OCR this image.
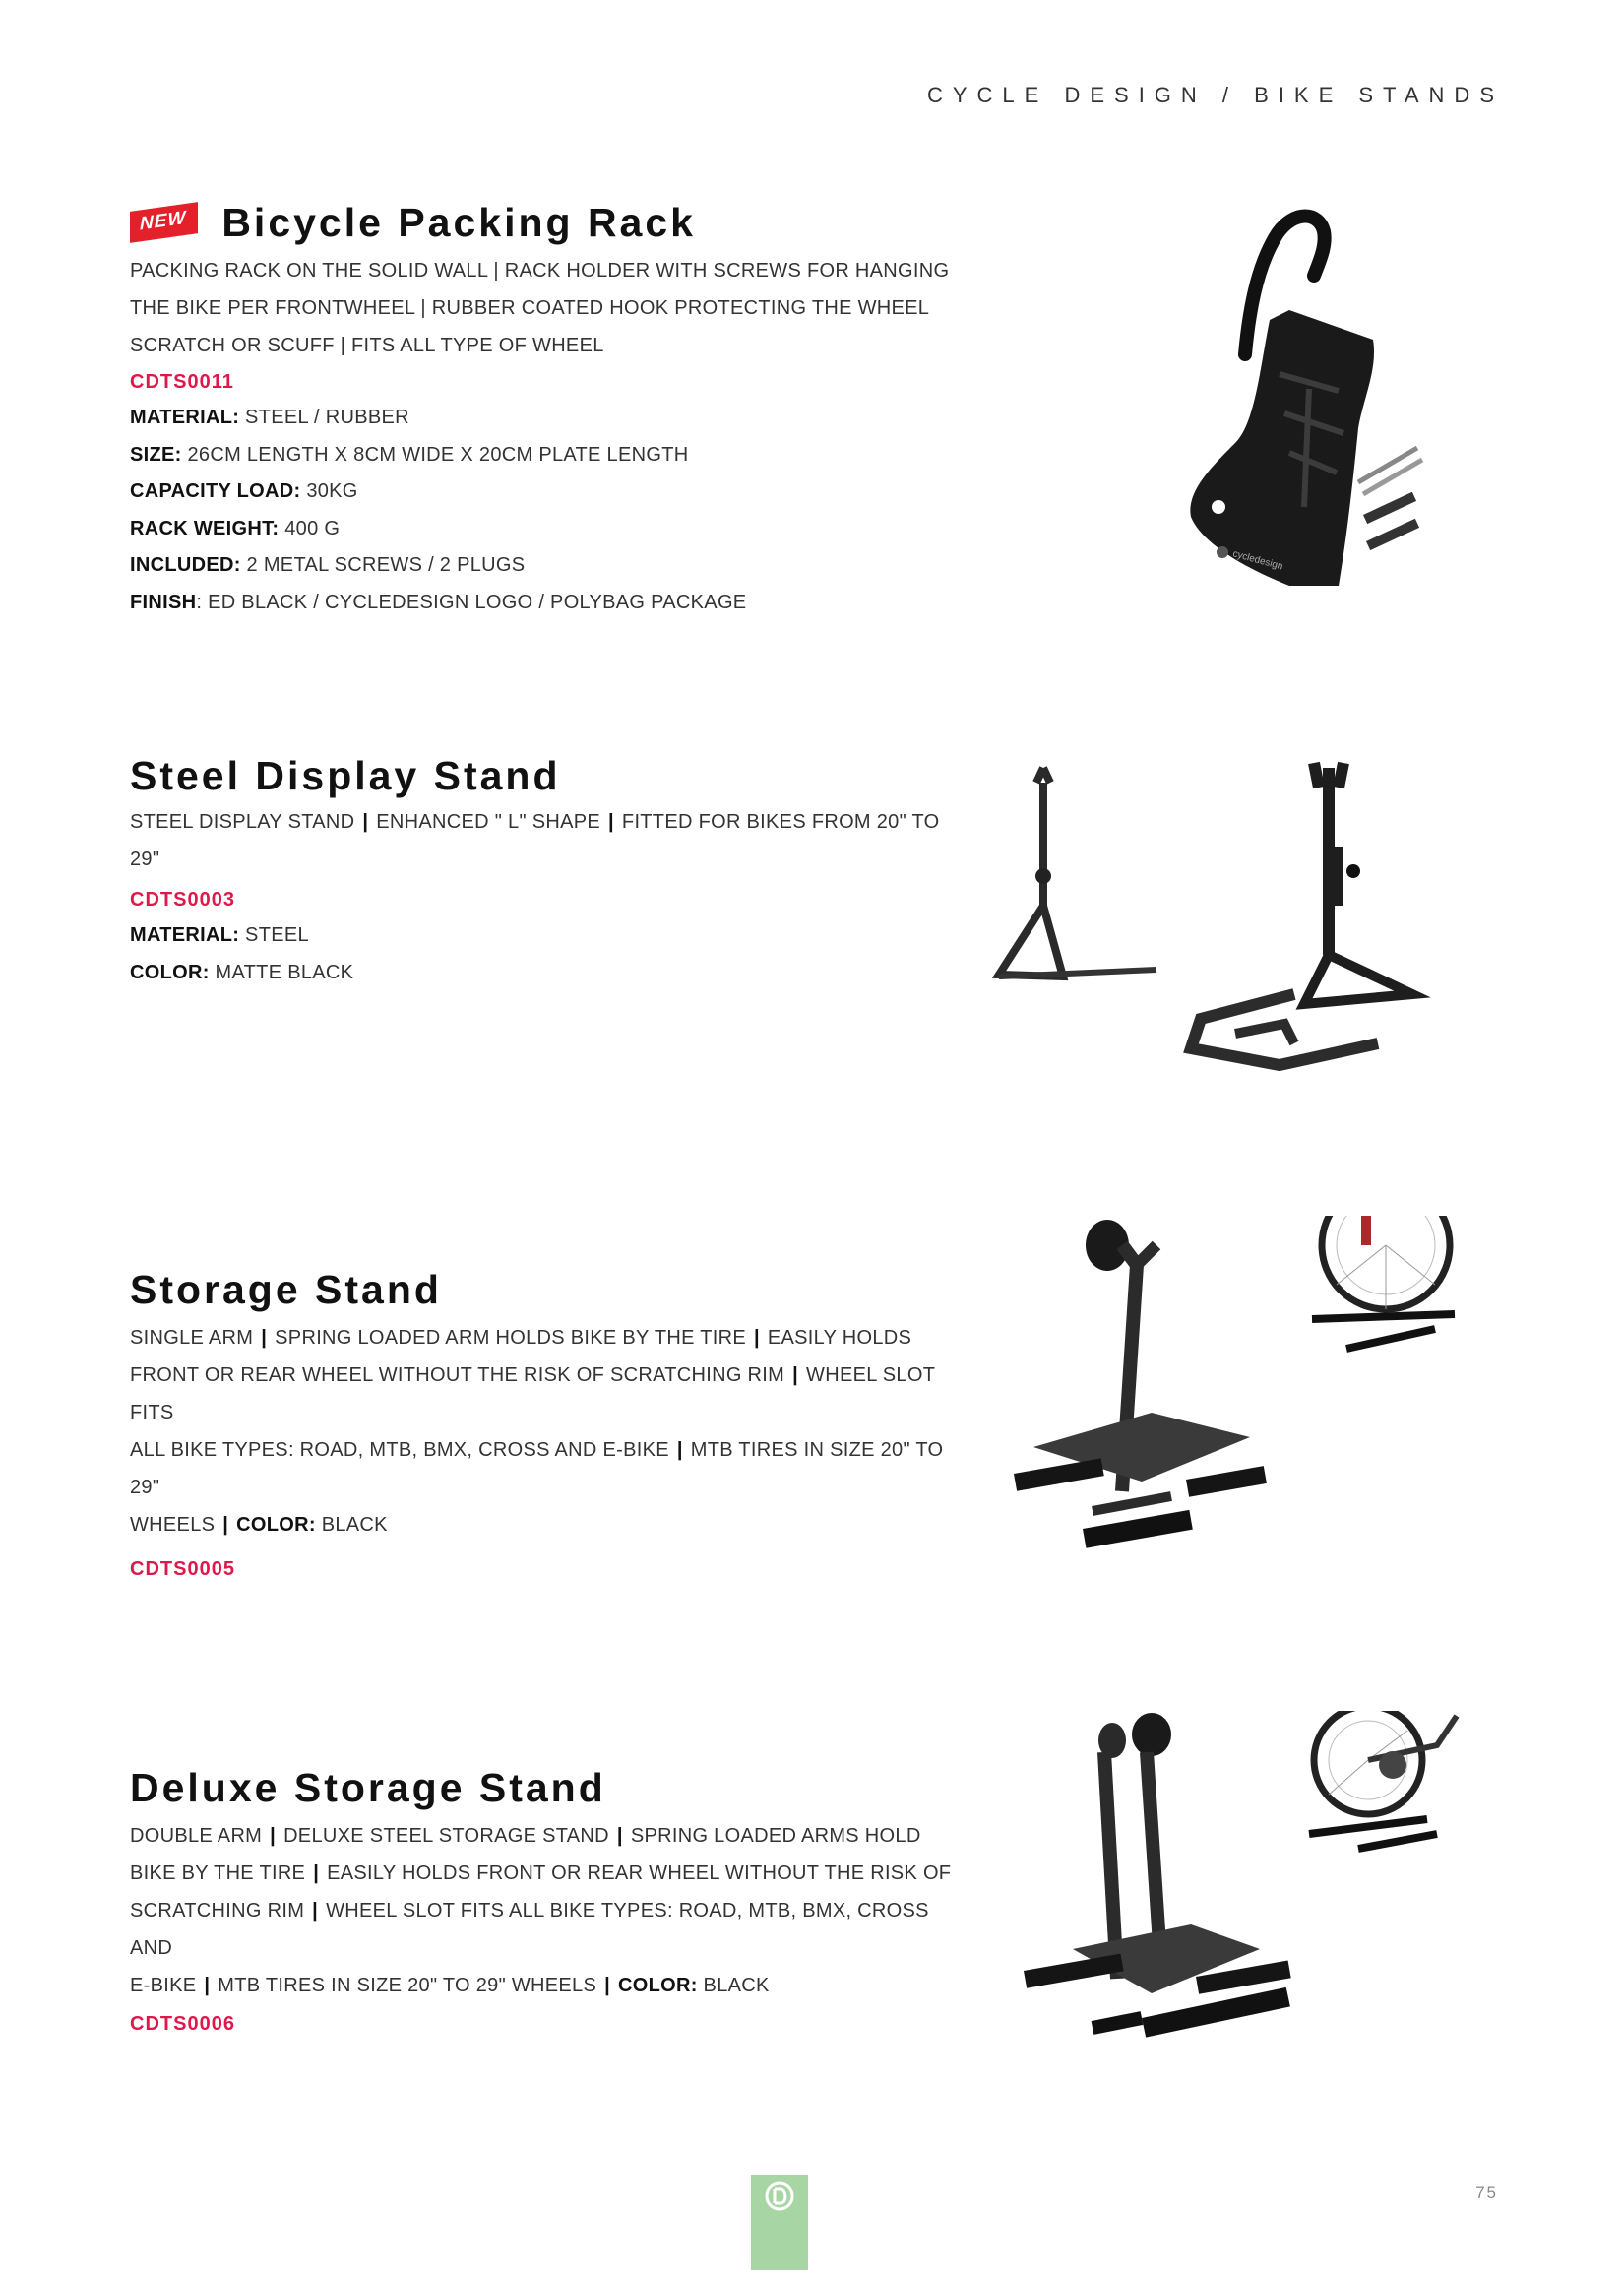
CYCLE DESIGN / BIKE STANDS
NEW Bicycle Packing Rack

PACKING RACK ON THE SOLID WALL | RACK HOLDER WITH SCREWS FOR HANGING

THE BIKE PER FRONTWHEEL | RUBBER COATED HOOK PROTECTING THE WHEEL

SCRATCH OR SCUFF | FITS ALL TYPE OF WHEEL

CDTS0011
MATERIAL: STEEL / RUBBER
SIZE: 26CM LENGTH X 8CM WIDE X 20CM PLATE LENGTH
CAPACITY LOAD: 30KG
RACK WEIGHT: 400 G
INCLUDED: 2 METAL SCREWS / 2 PLUGS
FINISH: ED BLACK / CYCLEDESIGN LOGO / POLYBAG PACKAGE
cycledesign
Steel Display Stand

STEEL DISPLAY STAND | ENHANCED " L" SHAPE | FITTED FOR BIKES FROM 20" TO 29"

CDTS0003
MATERIAL: STEEL
COLOR: MATTE BLACK
Storage Stand

SINGLE ARM | SPRING LOADED ARM HOLDS BIKE BY THE TIRE | EASILY HOLDS

FRONT OR REAR WHEEL WITHOUT THE RISK OF SCRATCHING RIM | WHEEL SLOT FITS

ALL BIKE TYPES: ROAD, MTB, BMX, CROSS AND E-BIKE | MTB TIRES IN SIZE 20" TO 29"

WHEELS | COLOR: BLACK

CDTS0005
Deluxe Storage Stand

DOUBLE ARM | DELUXE STEEL STORAGE STAND | SPRING LOADED ARMS HOLD

BIKE BY THE TIRE | EASILY HOLDS FRONT OR REAR WHEEL WITHOUT THE RISK OF

SCRATCHING RIM | WHEEL SLOT FITS ALL BIKE TYPES: ROAD, MTB, BMX, CROSS AND

E-BIKE | MTB TIRES IN SIZE 20" TO 29" WHEELS | COLOR: BLACK

CDTS0006
75
